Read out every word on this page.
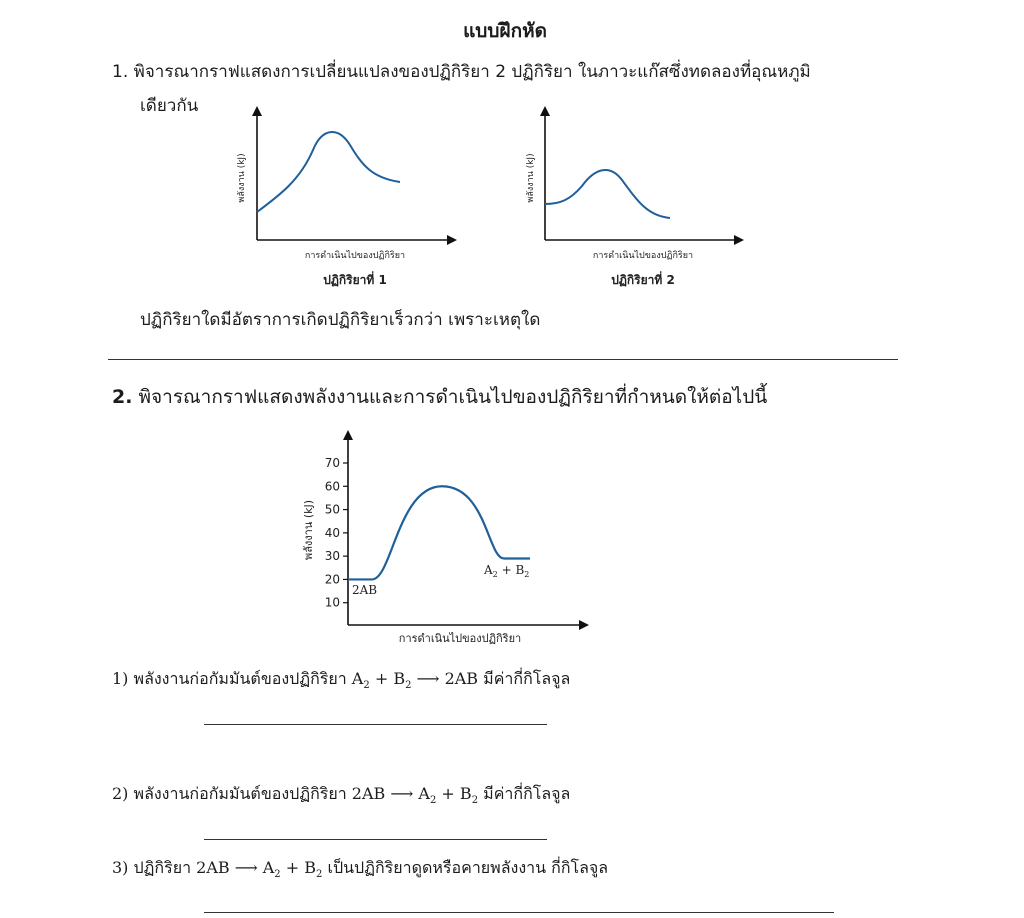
แบบฝึกหัด
1. พิจารณากราฟแสดงการเปลี่ยนแปลงของปฏิกิริยา 2 ปฏิกิริยา ในภาวะแก๊สซึ่งทดลองที่อุณหภูมิ
เดียวกัน
พลังงาน (kJ)
การดำเนินไปของปฏิกิริยา
ปฏิกิริยาที่ 1
พลังงาน (kJ)
การดำเนินไปของปฏิกิริยา
ปฏิกิริยาที่ 2
10
20
30
40
50
60
70
2AB
$A_2 + B_2$
พลังงาน (kJ)
การดำเนินไปของปฏิกิริยา
ปฏิกิริยาใดมีอัตราการเกิดปฏิกิริยาเร็วกว่า เพราะเหตุใด
2. พิจารณากราฟแสดงพลังงานและการดำเนินไปของปฏิกิริยาที่กำหนดให้ต่อไปนี้
1) พลังงานก่อกัมมันต์ของปฏิกิริยา $A_2 + B_2$ ⟶ 2AB มีค่ากี่กิโลจูล
2) พลังงานก่อกัมมันต์ของปฏิกิริยา 2AB ⟶ $A_2 + B_2$ มีค่ากี่กิโลจูล
3) ปฏิกิริยา 2AB ⟶ $A_2 + B_2$ เป็นปฏิกิริยาดูดหรือคายพลังงาน กี่กิโลจูล
